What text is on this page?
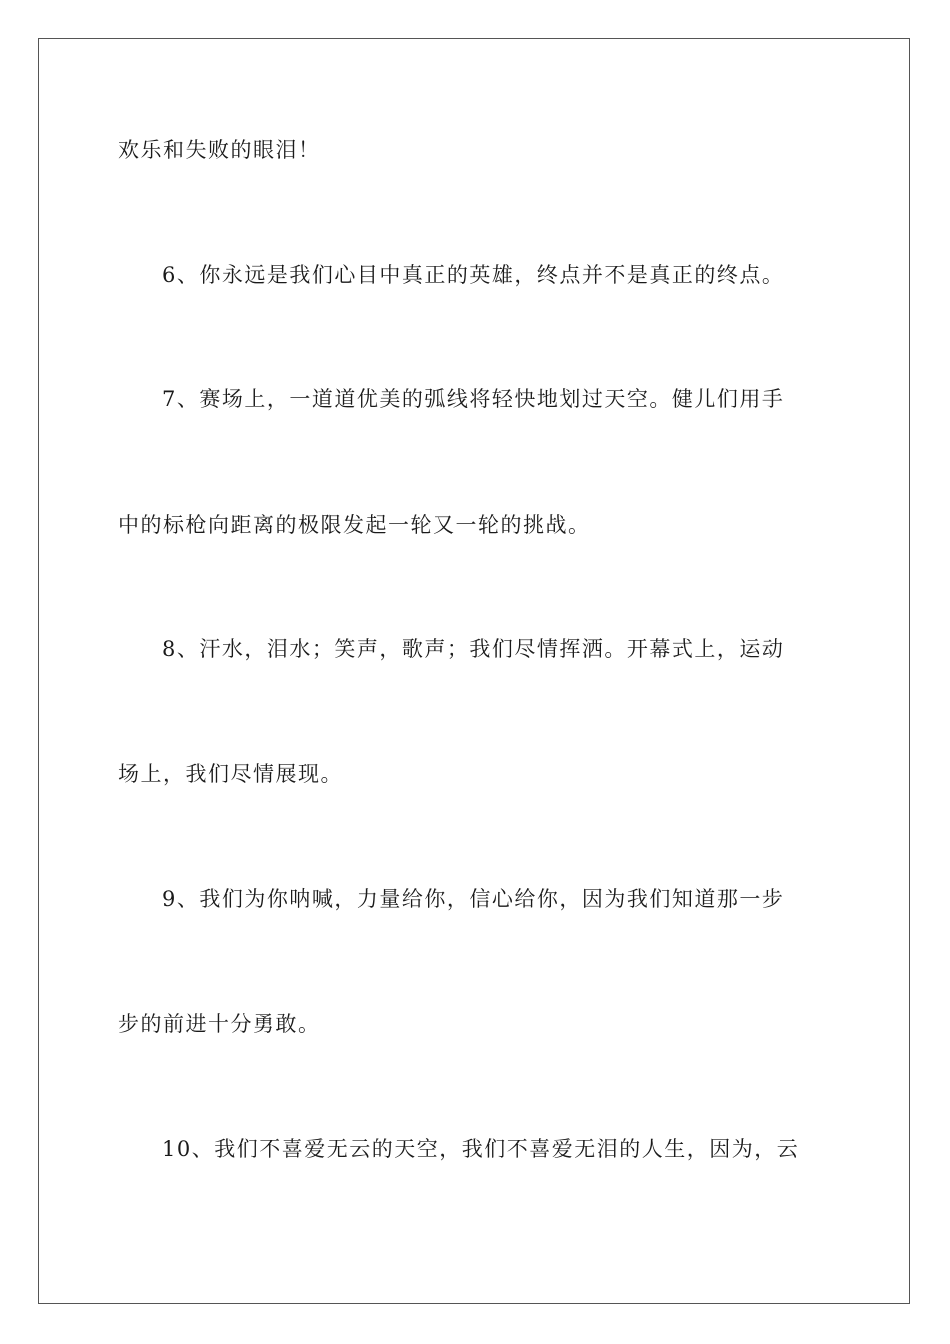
欢乐和失败的眼泪！
6、你永远是我们心目中真正的英雄，终点并不是真正的终点。
7、赛场上，一道道优美的弧线将轻快地划过天空。健儿们用手
中的标枪向距离的极限发起一轮又一轮的挑战。
8、汗水，泪水；笑声，歌声；我们尽情挥洒。开幕式上，运动
场上，我们尽情展现。
9、我们为你呐喊，力量给你，信心给你，因为我们知道那一步
步的前进十分勇敢。
10、我们不喜爱无云的天空，我们不喜爱无泪的人生，因为，云
